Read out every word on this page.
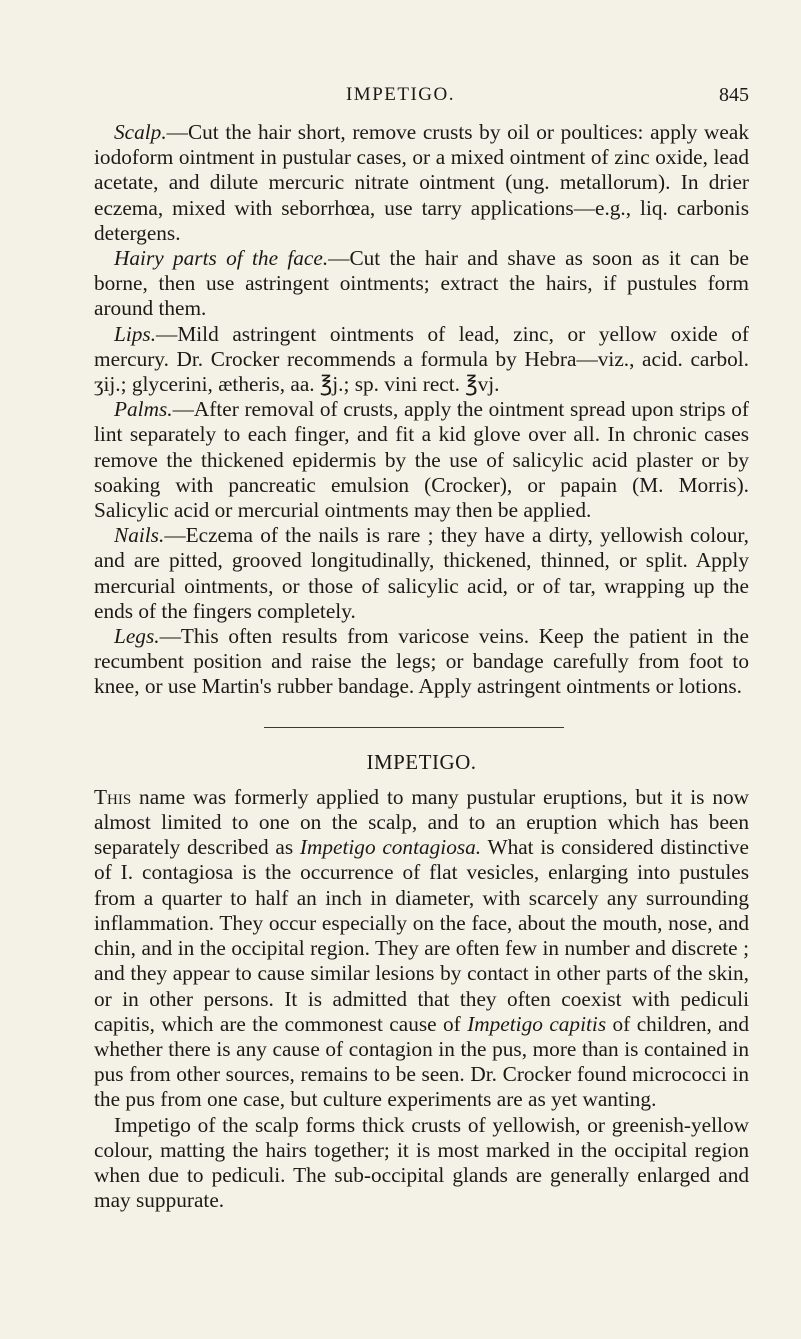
IMPETIGO.	845

Scalp.—Cut the hair short, remove crusts by oil or poultices: apply weak iodoform ointment in pustular cases, or a mixed ointment of zinc oxide, lead acetate, and dilute mercuric nitrate ointment (ung. metallorum). In drier eczema, mixed with seborrhœa, use tarry applications—e.g., liq. carbonis detergens.

Hairy parts of the face.—Cut the hair and shave as soon as it can be borne, then use astringent ointments; extract the hairs, if pustules form around them.

Lips.—Mild astringent ointments of lead, zinc, or yellow oxide of mercury. Dr. Crocker recommends a formula by Hebra—viz., acid. carbol. ʒij.; glycerini, ætheris, aa. ℥j.; sp. vini rect. ℥vj.

Palms.—After removal of crusts, apply the ointment spread upon strips of lint separately to each finger, and fit a kid glove over all. In chronic cases remove the thickened epidermis by the use of salicylic acid plaster or by soaking with pancreatic emulsion (Crocker), or papain (M. Morris). Salicylic acid or mercurial ointments may then be applied.

Nails.—Eczema of the nails is rare ; they have a dirty, yellowish colour, and are pitted, grooved longitudinally, thickened, thinned, or split. Apply mercurial ointments, or those of salicylic acid, or of tar, wrapping up the ends of the fingers completely.

Legs.—This often results from varicose veins. Keep the patient in the recumbent position and raise the legs; or bandage carefully from foot to knee, or use Martin's rubber bandage. Apply astringent ointments or lotions.

IMPETIGO.

This name was formerly applied to many pustular eruptions, but it is now almost limited to one on the scalp, and to an eruption which has been separately described as Impetigo contagiosa. What is considered distinctive of I. contagiosa is the occurrence of flat vesicles, enlarging into pustules from a quarter to half an inch in diameter, with scarcely any surrounding inflammation. They occur especially on the face, about the mouth, nose, and chin, and in the occipital region. They are often few in number and discrete ; and they appear to cause similar lesions by contact in other parts of the skin, or in other persons. It is admitted that they often coexist with pediculi capitis, which are the commonest cause of Impetigo capitis of children, and whether there is any cause of contagion in the pus, more than is contained in pus from other sources, remains to be seen. Dr. Crocker found micrococci in the pus from one case, but culture experiments are as yet wanting.

Impetigo of the scalp forms thick crusts of yellowish, or greenish-yellow colour, matting the hairs together; it is most marked in the occipital region when due to pediculi. The sub-occipital glands are generally enlarged and may suppurate.
